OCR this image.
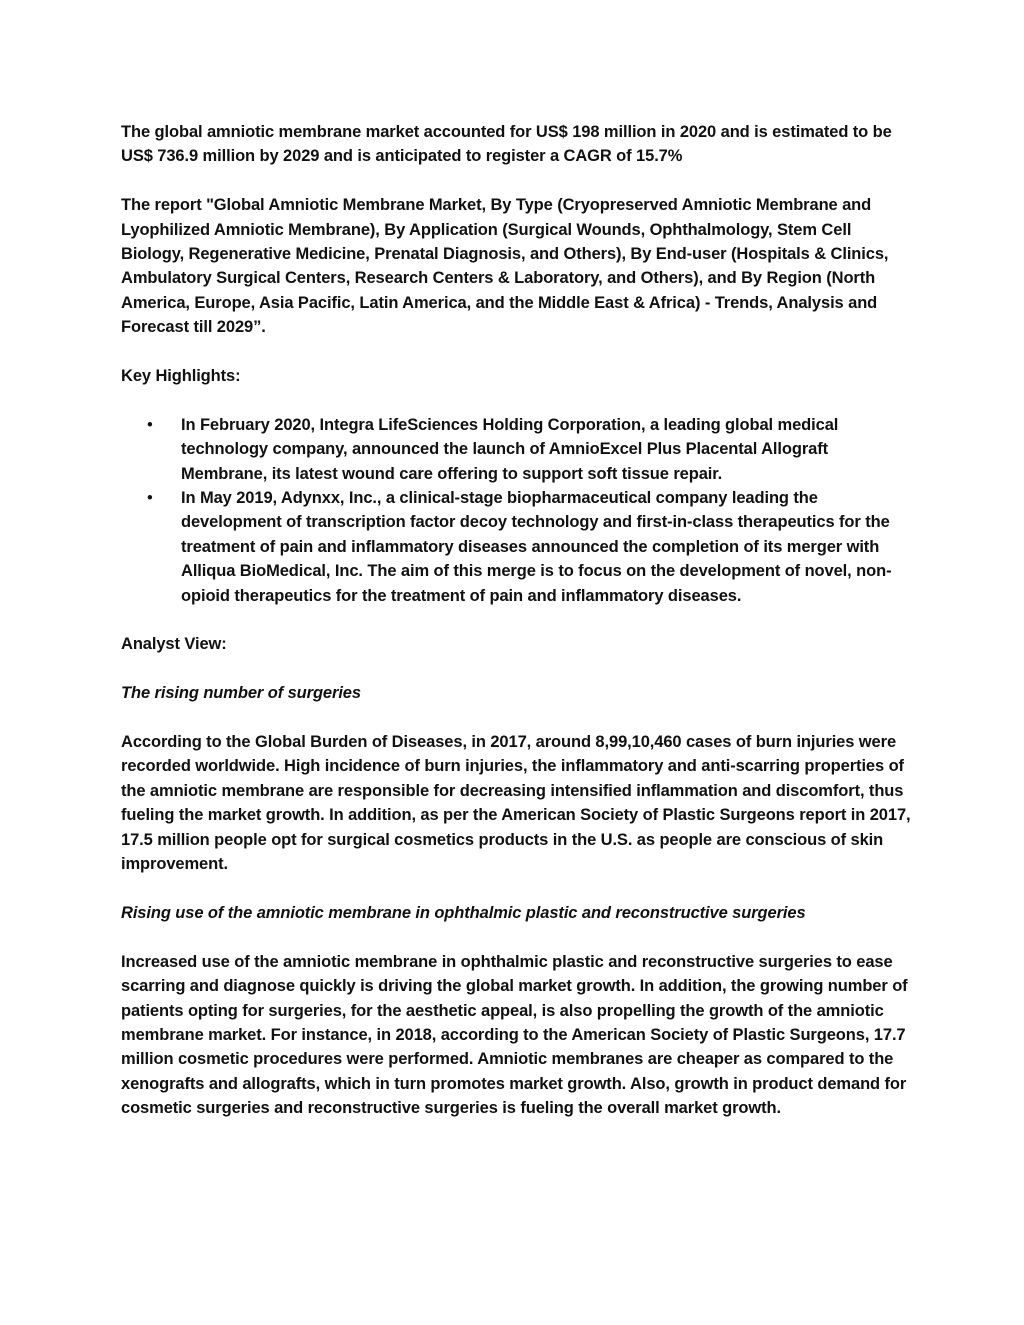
The global amniotic membrane market accounted for US$ 198 million in 2020 and is estimated to be US$ 736.9 million by 2029 and is anticipated to register a CAGR of 15.7%

The report "Global Amniotic Membrane Market, By Type (Cryopreserved Amniotic Membrane and Lyophilized Amniotic Membrane), By Application (Surgical Wounds, Ophthalmology, Stem Cell Biology, Regenerative Medicine, Prenatal Diagnosis, and Others), By End-user (Hospitals & Clinics, Ambulatory Surgical Centers, Research Centers & Laboratory, and Others), and By Region (North America, Europe, Asia Pacific, Latin America, and the Middle East & Africa) - Trends, Analysis and Forecast till 2029”.

Key Highlights:

• In February 2020, Integra LifeSciences Holding Corporation, a leading global medical technology company, announced the launch of AmnioExcel Plus Placental Allograft Membrane, its latest wound care offering to support soft tissue repair.
• In May 2019, Adynxx, Inc., a clinical-stage biopharmaceutical company leading the development of transcription factor decoy technology and first-in-class therapeutics for the treatment of pain and inflammatory diseases announced the completion of its merger with Alliqua BioMedical, Inc. The aim of this merge is to focus on the development of novel, non-opioid therapeutics for the treatment of pain and inflammatory diseases.

Analyst View:

The rising number of surgeries

According to the Global Burden of Diseases, in 2017, around 8,99,10,460 cases of burn injuries were recorded worldwide. High incidence of burn injuries, the inflammatory and anti-scarring properties of the amniotic membrane are responsible for decreasing intensified inflammation and discomfort, thus fueling the market growth. In addition, as per the American Society of Plastic Surgeons report in 2017, 17.5 million people opt for surgical cosmetics products in the U.S. as people are conscious of skin improvement.

Rising use of the amniotic membrane in ophthalmic plastic and reconstructive surgeries

Increased use of the amniotic membrane in ophthalmic plastic and reconstructive surgeries to ease scarring and diagnose quickly is driving the global market growth. In addition, the growing number of patients opting for surgeries, for the aesthetic appeal, is also propelling the growth of the amniotic membrane market. For instance, in 2018, according to the American Society of Plastic Surgeons, 17.7 million cosmetic procedures were performed. Amniotic membranes are cheaper as compared to the xenografts and allografts, which in turn promotes market growth. Also, growth in product demand for cosmetic surgeries and reconstructive surgeries is fueling the overall market growth.
